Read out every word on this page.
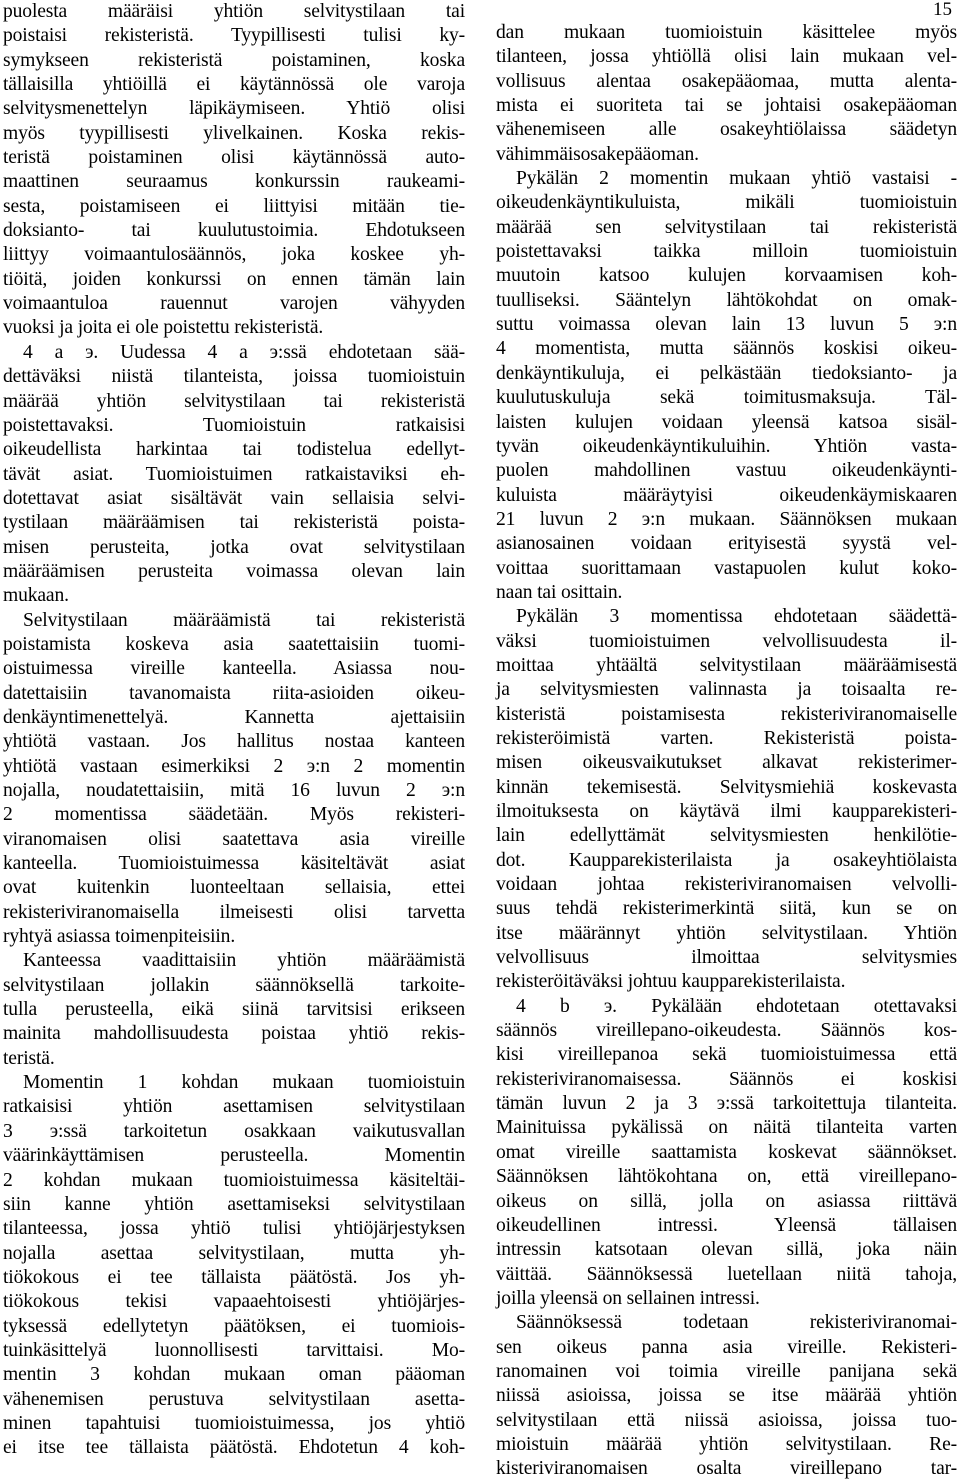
15
puolesta määräisi yhtiön selvitystilaan tai
poistaisi rekisteristä. Tyypillisesti tulisi ky-
symykseen rekisteristä poistaminen, koska
tällaisilla yhtiöillä ei käytännössä ole varoja
selvitysmenettelyn läpikäymiseen. Yhtiö olisi
myös tyypillisesti ylivelkainen. Koska rekis-
teristä poistaminen olisi käytännössä auto-
maattinen seuraamus konkurssin raukeami-
sesta, poistamiseen ei liittyisi mitään tie-
doksianto- tai kuulutustoimia. Ehdotukseen
liittyy voimaantulosäännös, joka koskee yh-
tiöitä, joiden konkurssi on ennen tämän lain
voimaantuloa rauennut varojen vähyyden
vuoksi ja joita ei ole poistettu rekisteristä.
4 a э. Uudessa 4 a э:ssä ehdotetaan sää-
dettäväksi niistä tilanteista, joissa tuomioistuin
määrää yhtiön selvitystilaan tai rekisteristä
poistettavaksi. Tuomioistuin ratkaisisi
oikeudellista harkintaa tai todistelua edellyt-
tävät asiat. Tuomioistuimen ratkaistaviksi eh-
dotettavat asiat sisältävät vain sellaisia selvi-
tystilaan määräämisen tai rekisteristä poista-
misen perusteita, jotka ovat selvitystilaan
määräämisen perusteita voimassa olevan lain
mukaan.
Selvitystilaan määräämistä tai rekisteristä
poistamista koskeva asia saatettaisiin tuomi-
oistuimessa vireille kanteella. Asiassa nou-
datettaisiin tavanomaista riita-asioiden oikeu-
denkäyntimenettelyä. Kannetta ajettaisiin
yhtiötä vastaan. Jos hallitus nostaa kanteen
yhtiötä vastaan esimerkiksi 2 э:n 2 momentin
nojalla, noudatettaisiin, mitä 16 luvun 2 э:n
2 momentissa säädetään. Myös rekisteri-
viranomaisen olisi saatettava asia vireille
kanteella. Tuomioistuimessa käsiteltävät asiat
ovat kuitenkin luonteeltaan sellaisia, ettei
rekisteriviranomaisella ilmeisesti olisi tarvetta
ryhtyä asiassa toimenpiteisiin.
Kanteessa vaadittaisiin yhtiön määräämistä
selvitystilaan jollakin säännöksellä tarkoite-
tulla perusteella, eikä siinä tarvitsisi erikseen
mainita mahdollisuudesta poistaa yhtiö rekis-
teristä.
Momentin 1 kohdan mukaan tuomioistuin
ratkaisisi yhtiön asettamisen selvitystilaan
3 э:ssä tarkoitetun osakkaan vaikutusvallan
väärinkäyttämisen perusteella. Momentin
2 kohdan mukaan tuomioistuimessa käsiteltäi-
siin kanne yhtiön asettamiseksi selvitystilaan
tilanteessa, jossa yhtiö tulisi yhtiöjärjestyksen
nojalla asettaa selvitystilaan, mutta yh-
tiökokous ei tee tällaista päätöstä. Jos yh-
tiökokous tekisi vapaaehtoisesti yhtiöjärjes-
tyksessä edellytetyn päätöksen, ei tuomiois-
tuinkäsittelyä luonnollisesti tarvittaisi. Mo-
mentin 3 kohdan mukaan oman pääoman
vähenemisen perustuva selvitystilaan asetta-
minen tapahtuisi tuomioistuimessa, jos yhtiö
ei itse tee tällaista päätöstä. Ehdotetun 4 koh-
dan mukaan tuomioistuin käsittelee myös
tilanteen, jossa yhtiöllä olisi lain mukaan vel-
vollisuus alentaa osakepääomaa, mutta alenta-
mista ei suoriteta tai se johtaisi osakepääoman
vähenemiseen alle osakeyhtiölaissa säädetyn
vähimmäisosakepääoman.
Pykälän 2 momentin mukaan yhtiö vastaisi -
oikeudenkäyntikuluista, mikäli tuomioistuin
määrää sen selvitystilaan tai rekisteristä
poistettavaksi taikka milloin tuomioistuin
muutoin katsoo kulujen korvaamisen koh-
tuulliseksi. Sääntelyn lähtökohdat on omak-
suttu voimassa olevan lain 13 luvun 5 э:n
4 momentista, mutta säännös koskisi oikeu-
denkäyntikuluja, ei pelkästään tiedoksianto- ja
kuulutuskuluja sekä toimitusmaksuja. Täl-
laisten kulujen voidaan yleensä katsoa sisäl-
tyvän oikeudenkäyntikuluihin. Yhtiön vasta-
puolen mahdollinen vastuu oikeudenkäynti-
kuluista määräytyisi oikeudenkäymiskaaren
21 luvun 2 э:n mukaan. Säännöksen mukaan
asianosainen voidaan erityisestä syystä vel-
voittaa suorittamaan vastapuolen kulut koko-
naan tai osittain.
Pykälän 3 momentissa ehdotetaan säädettä-
väksi tuomioistuimen velvollisuudesta il-
moittaa yhtäältä selvitystilaan määräämisestä
ja selvitysmiesten valinnasta ja toisaalta re-
kisteristä poistamisesta rekisteriviranomaiselle
rekisteröimistä varten. Rekisteristä poista-
misen oikeusvaikutukset alkavat rekisterimer-
kinnän tekemisestä. Selvitysmiehiä koskevasta
ilmoituksesta on käytävä ilmi kaupparekisteri-
lain edellyttämät selvitysmiesten henkilötie-
dot. Kaupparekisterilaista ja osakeyhtiölaista
voidaan johtaa rekisteriviranomaisen velvolli-
suus tehdä rekisterimerkintä siitä, kun se on
itse määrännyt yhtiön selvitystilaan. Yhtiön
velvollisuus ilmoittaa selvitysmies
rekisteröitäväksi johtuu kaupparekisterilaista.
4 b э. Pykälään ehdotetaan otettavaksi
säännös vireillepano-oikeudesta. Säännös kos-
kisi vireillepanoa sekä tuomioistuimessa että
rekisteriviranomaisessa. Säännös ei koskisi
tämän luvun 2 ja 3 э:ssä tarkoitettuja tilanteita.
Mainituissa pykälissä on näitä tilanteita varten
omat vireille saattamista koskevat säännökset.
Säännöksen lähtökohtana on, että vireillepano-
oikeus on sillä, jolla on asiassa riittävä
oikeudellinen intressi. Yleensä tällaisen
intressin katsotaan olevan sillä, joka näin
väittää. Säännöksessä luetellaan niitä tahoja,
joilla yleensä on sellainen intressi.
Säännöksessä todetaan rekisteriviranomai-
sen oikeus panna asia vireille. Rekisteri-
ranomainen voi toimia vireille panijana sekä
niissä asioissa, joissa se itse määrää yhtiön
selvitystilaan että niissä asioissa, joissa tuo-
mioistuin määrää yhtiön selvitystilaan. Re-
kisteriviranomaisen osalta vireillepano tar-
